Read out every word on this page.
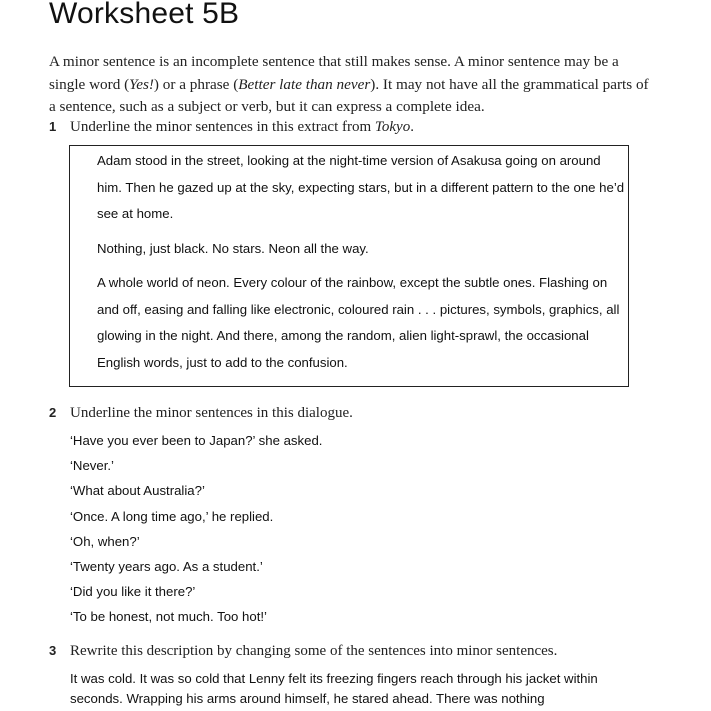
Worksheet 5B
A minor sentence is an incomplete sentence that still makes sense. A minor sentence may be a single word (Yes!) or a phrase (Better late than never). It may not have all the grammatical parts of a sentence, such as a subject or verb, but it can express a complete idea.
1 Underline the minor sentences in this extract from Tokyo.

Adam stood in the street, looking at the night-time version of Asakusa going on around him. Then he gazed up at the sky, expecting stars, but in a different pattern to the one he’d see at home.

Nothing, just black. No stars. Neon all the way.

A whole world of neon. Every colour of the rainbow, except the subtle ones. Flashing on and off, easing and falling like electronic, coloured rain . . . pictures, symbols, graphics, all glowing in the night. And there, among the random, alien light-sprawl, the occasional English words, just to add to the confusion.

2 Underline the minor sentences in this dialogue.
‘Have you ever been to Japan?’ she asked.
‘Never.’
‘What about Australia?’
‘Once. A long time ago,’ he replied.
‘Oh, when?’
‘Twenty years ago. As a student.’
‘Did you like it there?’
‘To be honest, not much. Too hot!’
3 Rewrite this description by changing some of the sentences into minor sentences.
It was cold. It was so cold that Lenny felt its freezing fingers reach through his jacket within seconds. Wrapping his arms around himself, he stared ahead. There was nothing
